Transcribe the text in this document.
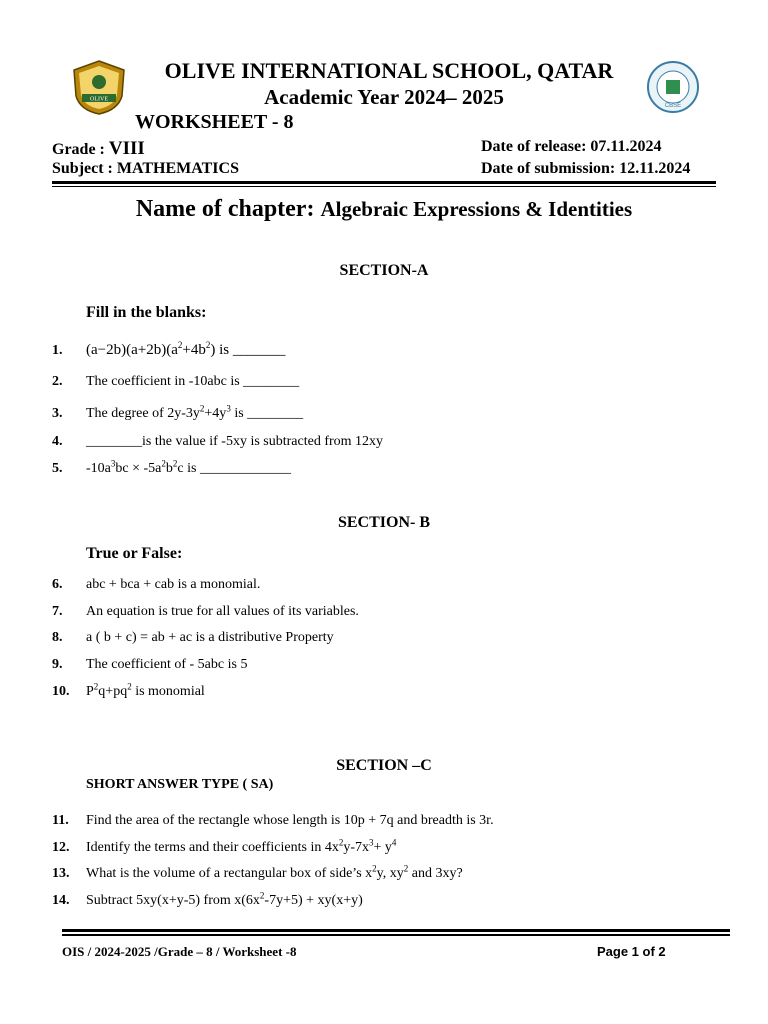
OLIVE
CBSE
OLIVE INTERNATIONAL SCHOOL, QATAR
Academic Year 2024– 2025
WORKSHEET - 8
Grade : VIII
Subject : MATHEMATICS
Date of release: 07.11.2024
Date of submission: 12.11.2024
Name of chapter: Algebraic Expressions & Identities
SECTION-A
Fill in the blanks:
1. $(a-2b)(a+2b)(a^2+4b^2)$ is _______
2. The coefficient in -10abc is ________
3. The degree of $2y-3y^2+4y^3$ is ________
4. ________is the value if -5xy is subtracted from 12xy
5. $-10a^3bc \times -5a^2b^2c$ is _____________
SECTION- B
True or False:
6. abc + bca + cab is a monomial.
7. An equation is true for all values of its variables.
8. a ( b + c) = ab + ac is a distributive Property
9. The coefficient of - 5abc is 5
10. $P^2q+pq^2$ is monomial
SECTION –C
SHORT ANSWER TYPE ( SA)
11. Find the area of the rectangle whose length is 10p + 7q and breadth is 3r.
12. Identify the terms and their coefficients in $4x^2y-7x^3+ y^4$
13. What is the volume of a rectangular box of side’s $x^2y$, $xy^2$ and 3xy?
14. Subtract 5xy(x+y-5) from $x(6x^2-7y+5) + xy(x+y)$
OIS / 2024-2025 /Grade – 8 / Worksheet -8	Page 1 of 2
